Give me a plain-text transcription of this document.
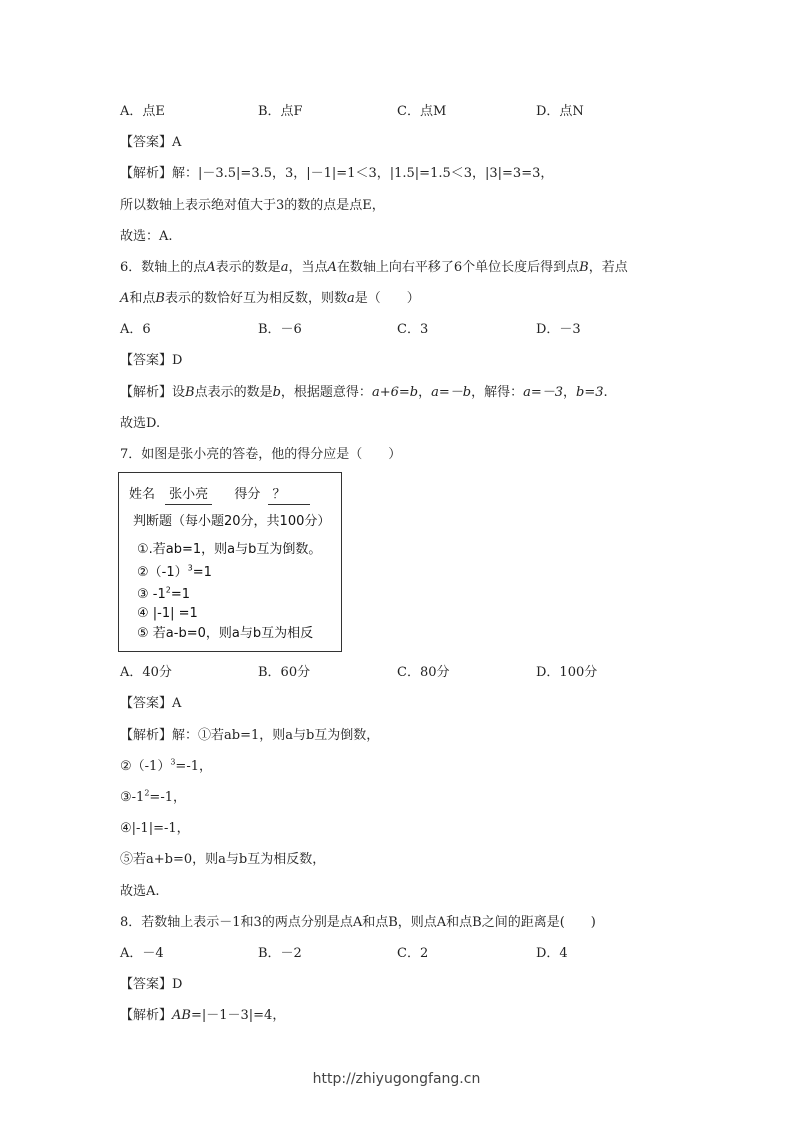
A．点E	B．点F	C．点M	D．点N
【答案】A
【解析】解：|－3.5|=3.5，3，|－1|=1＜3，|1.5|=1.5＜3，|3|=3=3，
所以数轴上表示绝对值大于3的数的点是点E，
故选：A.
6．数轴上的点A表示的数是a，当点A在数轴上向右平移了6个单位长度后得到点B，若点
A和点B表示的数恰好互为相反数，则数a是（　　）
A．6	B．－6	C．3	D．－3
【答案】D
【解析】设B点表示的数是b，根据题意得：a+6=b，a=－b，解得：a=－3，b=3.
故选D.
7．如图是张小亮的答卷，他的得分应是（　　）
姓名 张小亮 得分 ？
判断题（每小题20分，共100分）
①.若ab=1，则a与b互为倒数。
$②(-1)^3=1$
③ $-1^2=1$
④ |-1| =1
⑤ 若a-b=0，则a与b互为相反
A．40分	B．60分	C．80分	D．100分
【答案】A
【解析】解：①若ab=1，则a与b互为倒数，
$②(-1)^3=-1$，
$③-1^2=-1$，
④|-1|=-1，
⑤若a+b=0，则a与b互为相反数，
故选A.
8．若数轴上表示－1和3的两点分别是点A和点B，则点A和点B之间的距离是(　　)
A．－4	B．－2	C．2	D．4
【答案】D
【解析】AB=|－1－3|=4，
http://zhiyugongfang.cn
